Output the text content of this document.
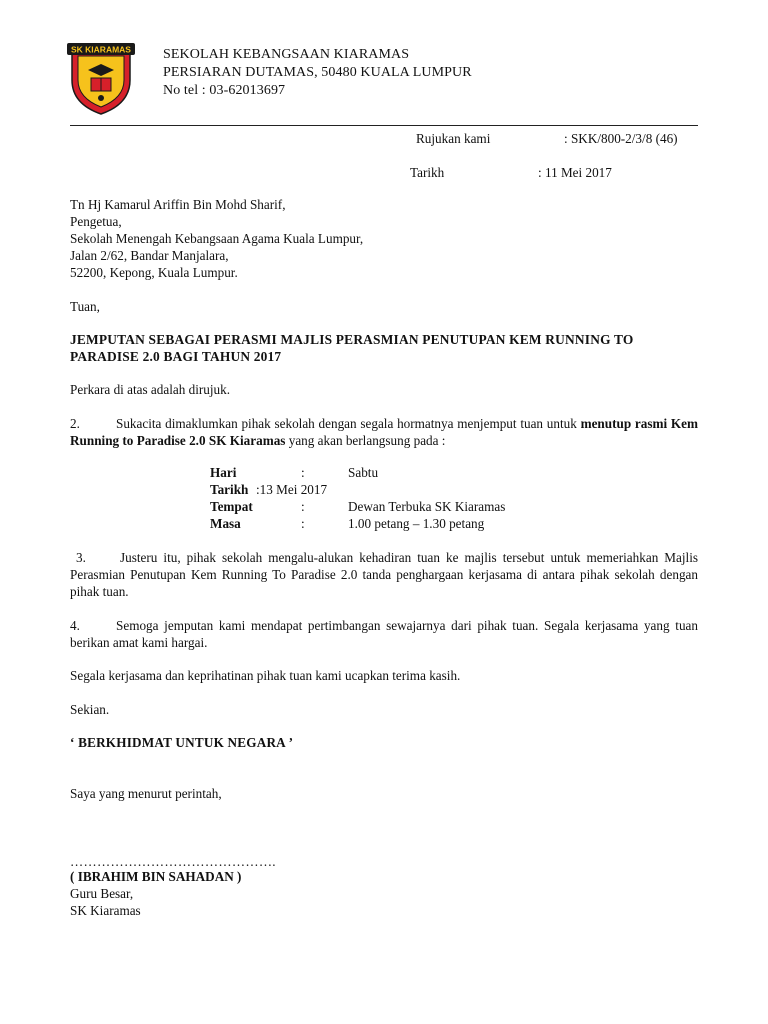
SK KIARAMAS SEKOLAH KEBANGSAAN KIARAMAS
PERSIARAN DUTAMAS, 50480 KUALA LUMPUR
No tel : 03-62013697
Rujukan kami	: SKK/800-2/3/8 (46)
Tarikh	: 11 Mei 2017
Tn Hj Kamarul Ariffin Bin Mohd Sharif,
Pengetua,
Sekolah Menengah Kebangsaan Agama Kuala Lumpur,
Jalan 2/62, Bandar Manjalara,
52200, Kepong, Kuala Lumpur.
Tuan,
JEMPUTAN SEBAGAI PERASMI MAJLIS PERASMIAN PENUTUPAN KEM RUNNING TO PARADISE 2.0 BAGI TAHUN 2017
Perkara di atas adalah dirujuk.
2.	Sukacita dimaklumkan pihak sekolah dengan segala hormatnya menjemput tuan untuk menutup rasmi Kem Running to Paradise 2.0 SK Kiaramas yang akan berlangsung pada :
Hari	:	Sabtu
Tarikh :13 Mei 2017
Tempat	:	Dewan Terbuka SK Kiaramas
Masa	:	1.00 petang – 1.30 petang
3.	Justeru itu, pihak sekolah mengalu-alukan kehadiran tuan ke majlis tersebut untuk memeriahkan Majlis Perasmian Penutupan Kem Running To Paradise 2.0 tanda penghargaan kerjasama di antara pihak sekolah dengan pihak tuan.
4.	Semoga jemputan kami mendapat pertimbangan sewajarnya dari pihak tuan. Segala kerjasama yang tuan berikan amat kami hargai.
Segala kerjasama dan keprihatinan pihak tuan kami ucapkan terima kasih.
Sekian.
‘ BERKHIDMAT UNTUK NEGARA ’
Saya yang menurut perintah,
……………………………………….
( IBRAHIM BIN SAHADAN )
Guru Besar,
SK Kiaramas
